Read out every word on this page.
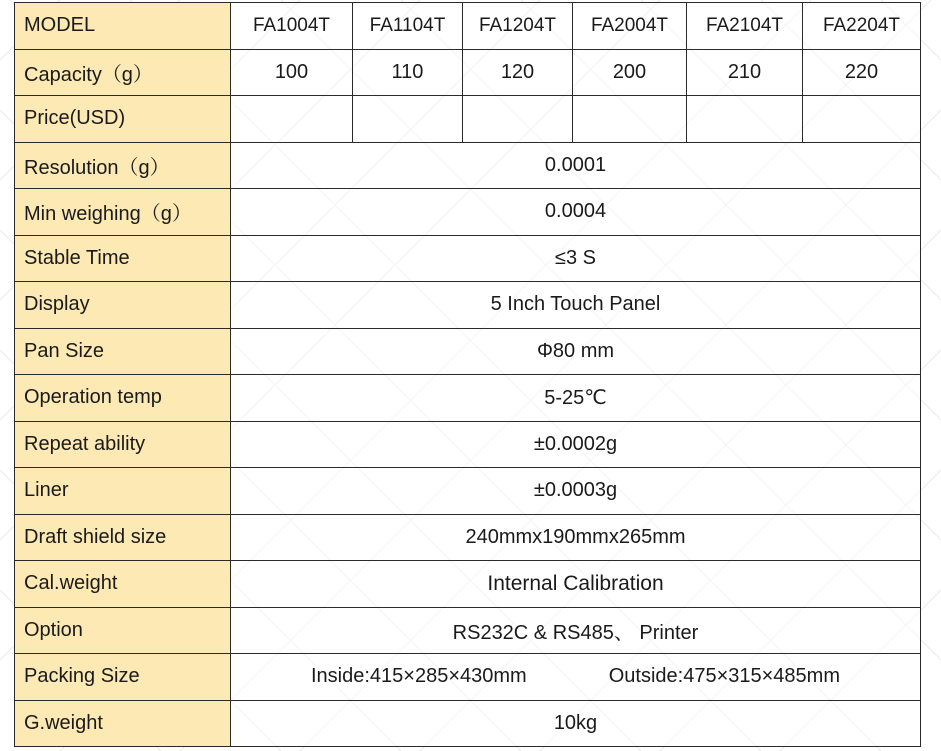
MODEL	FA1004T	FA1104T	FA1204T	FA2004T	FA2104T	FA2204T
Capacity（g）	100	110	120	200	210	220
Price(USD)						
Resolution（g）	0.0001					
Min weighing（g）	0.0004					
Stable Time	≤3 S					
Display	5 Inch Touch Panel					
Pan Size	Φ80 mm					
Operation temp	5-25℃					
Repeat ability	±0.0002g					
Liner	±0.0003g					
Draft shield size	240mmx190mmx265mm					
Cal.weight	Internal Calibration					
Option	RS232C & RS485、 Printer					
Packing Size	Inside:415×285×430mm Outside:475×315×485mm					
G.weight	10kg					
